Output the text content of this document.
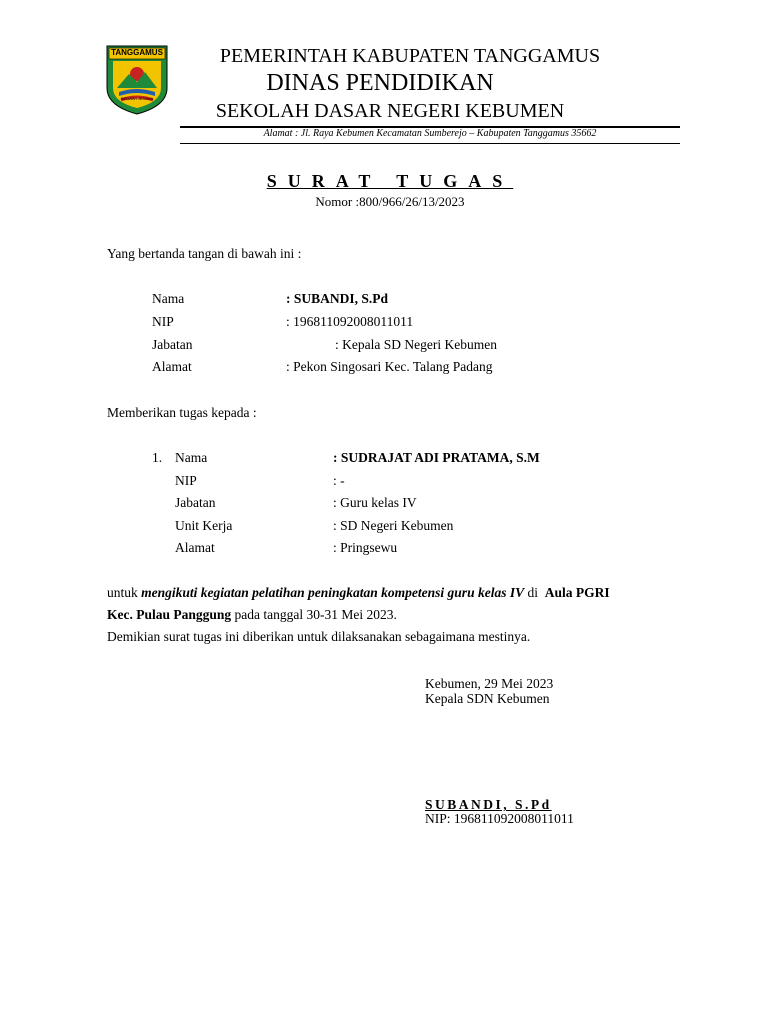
TANGGAMUS
BEGAWI JEJAMA
PEMERINTAH KABUPATEN TANGGAMUS
DINAS PENDIDIKAN
SEKOLAH DASAR NEGERI KEBUMEN
Alamat : Jl. Raya Kebumen Kecamatan Sumberejo – Kabupaten Tanggamus 35662
SURAT TUGAS
Nomor :800/966/26/13/2023
Yang bertanda tangan di bawah ini :
Nama	: SUBANDI, S.Pd
NIP	: 196811092008011011
Jabatan	: Kepala SD Negeri Kebumen
Alamat	: Pekon Singosari Kec. Talang Padang
Memberikan tugas kepada :
1. Nama	: SUDRAJAT ADI PRATAMA, S.M
NIP	: -
Jabatan	: Guru kelas IV
Unit Kerja	: SD Negeri Kebumen
Alamat	: Pringsewu
untuk mengikuti kegiatan pelatihan peningkatan kompetensi guru kelas IV di  Aula PGRI
Kec. Pulau Panggung pada tanggal 30-31 Mei 2023.
Demikian surat tugas ini diberikan untuk dilaksanakan sebagaimana mestinya.
Kebumen, 29 Mei 2023
Kepala SDN Kebumen
SUBANDI, S.Pd
NIP: 196811092008011011
